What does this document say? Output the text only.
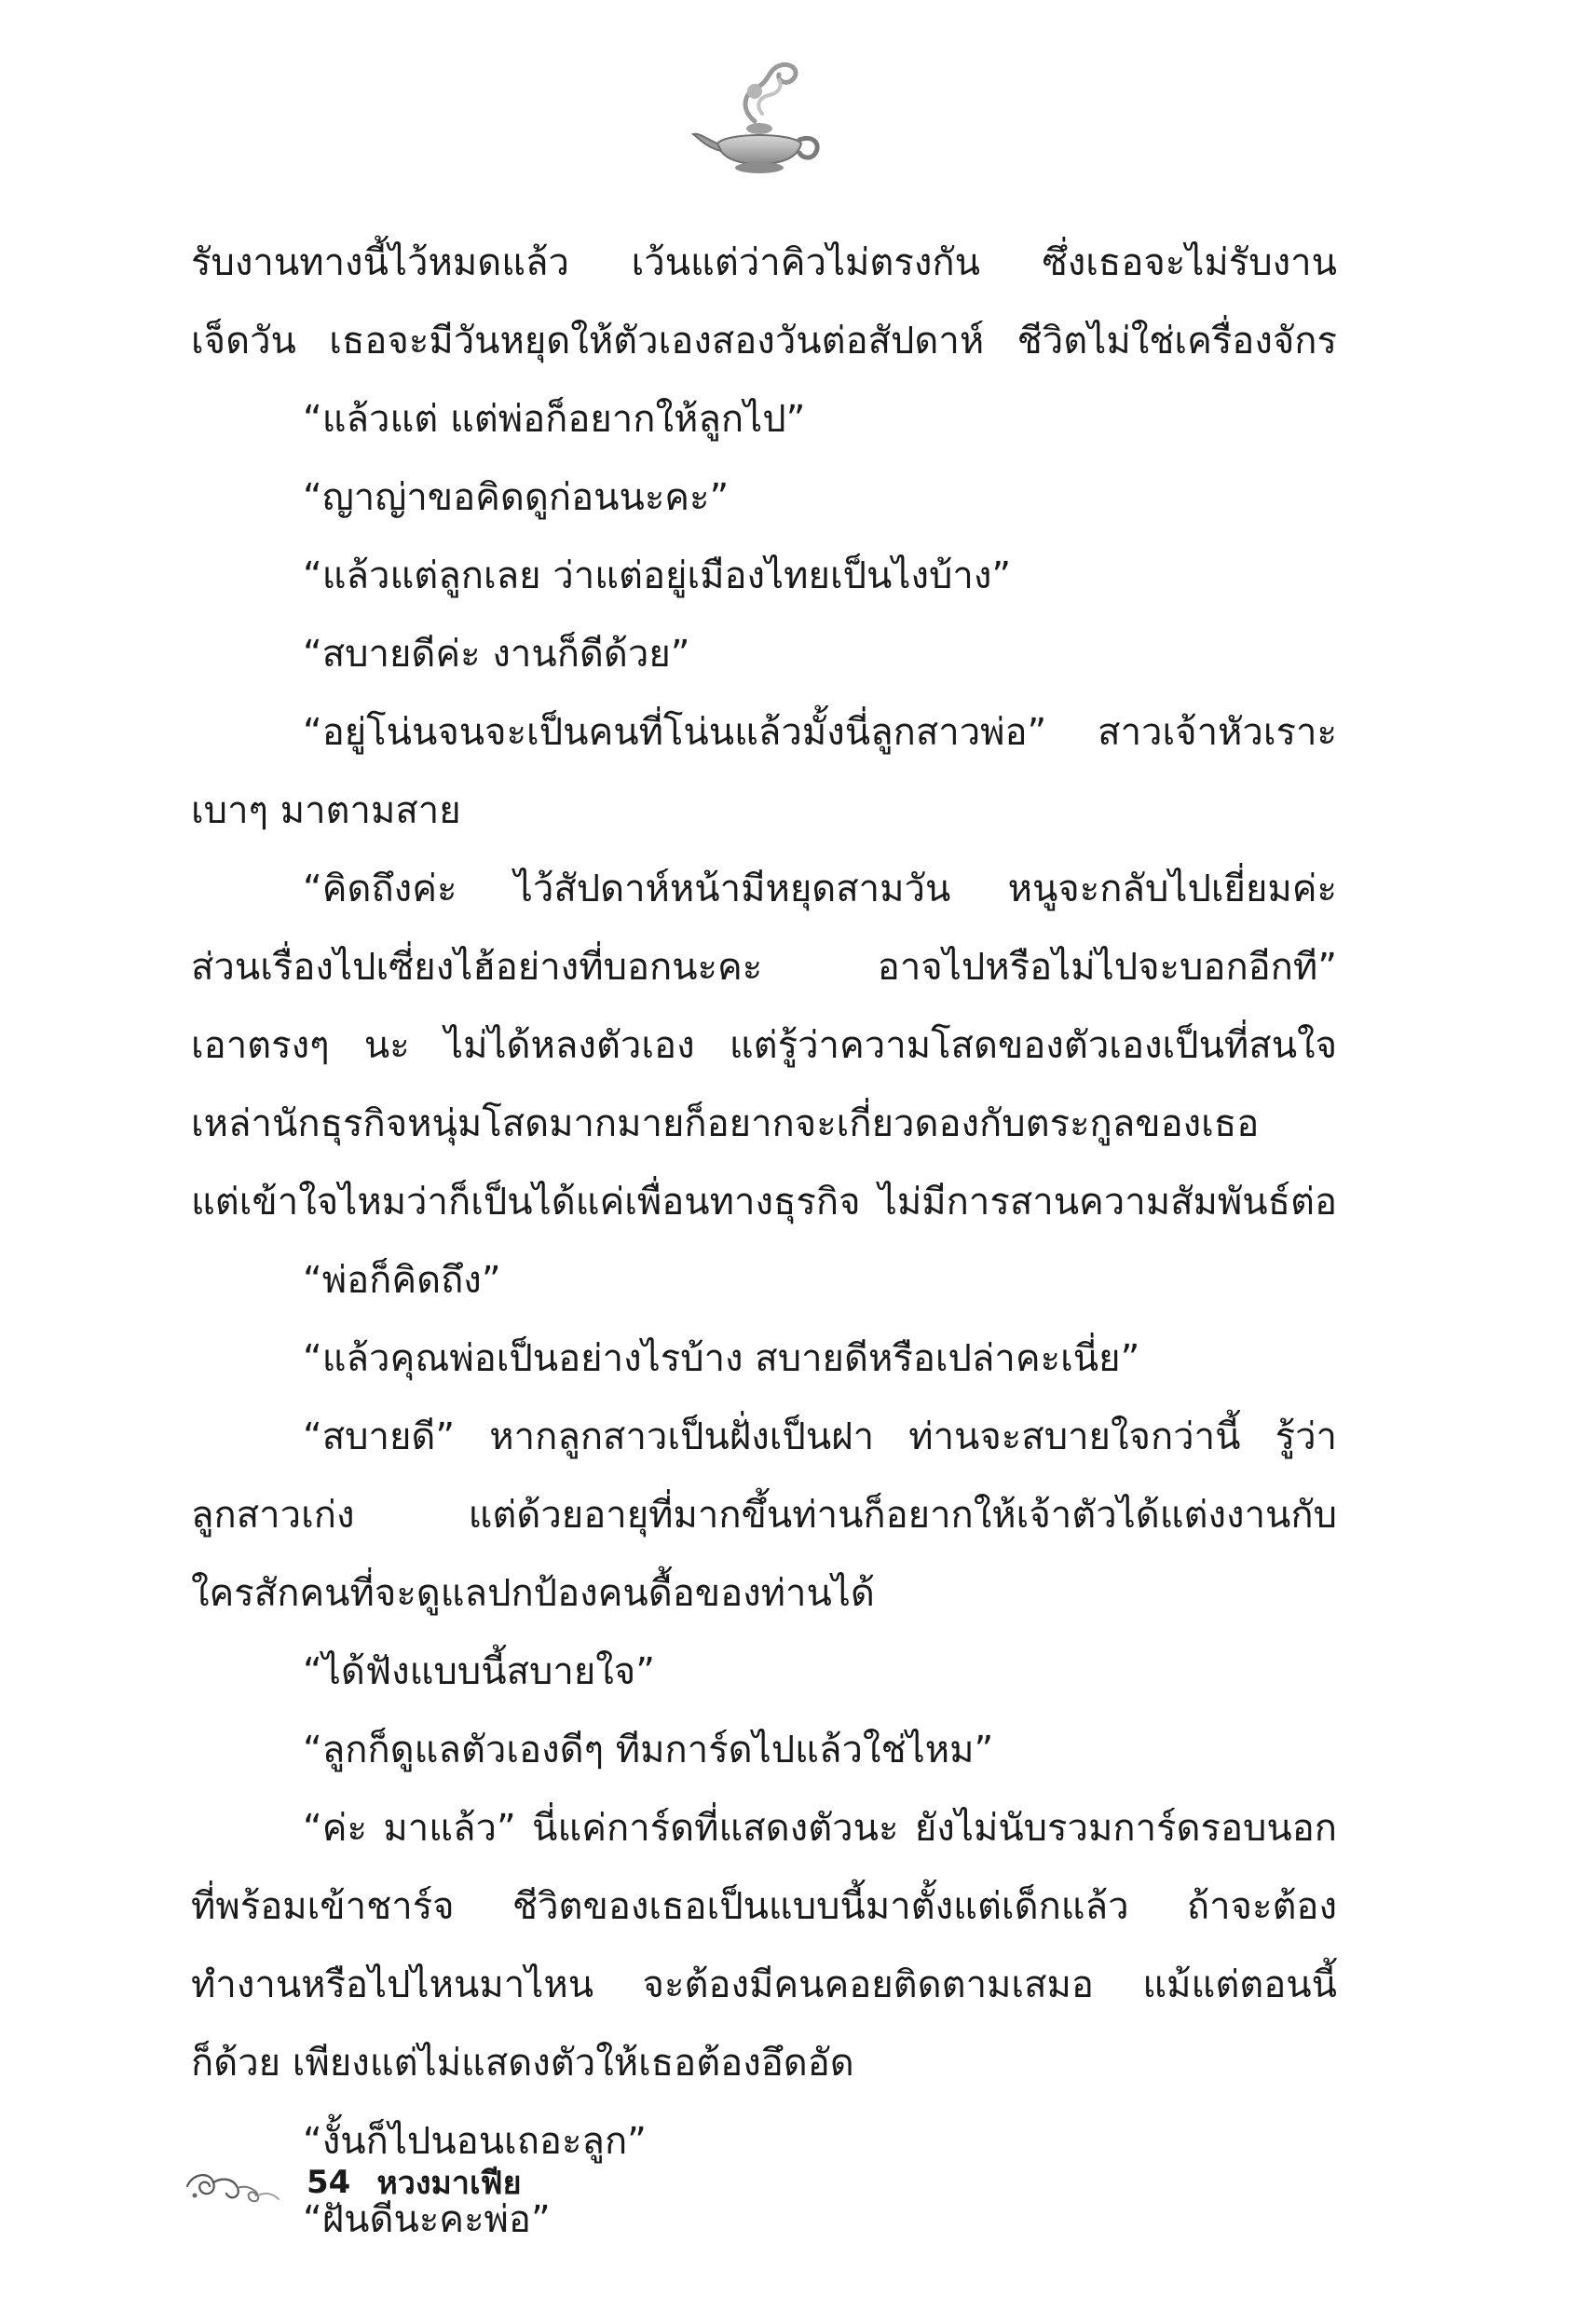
รับงานทางนี้ไว้หมดแล้ว เว้นแต่ว่าคิวไม่ตรงกัน ซึ่งเธอจะไม่รับงาน
เจ็ดวัน เธอจะมีวันหยุดให้ตัวเองสองวันต่อสัปดาห์ ชีวิตไม่ใช่เครื่องจักร
“แล้วแต่ แต่พ่อก็อยากให้ลูกไป”
“ญาญ่าขอคิดดูก่อนนะคะ”
“แล้วแต่ลูกเลย ว่าแต่อยู่เมืองไทยเป็นไงบ้าง”
“สบายดีค่ะ งานก็ดีด้วย”
“อยู่โน่นจนจะเป็นคนที่โน่นแล้วมั้งนี่ลูกสาวพ่อ” สาวเจ้าหัวเราะ
เบาๆ มาตามสาย
“คิดถึงค่ะ ไว้สัปดาห์หน้ามีหยุดสามวัน หนูจะกลับไปเยี่ยมค่ะ
ส่วนเรื่องไปเซี่ยงไฮ้อย่างที่บอกนะคะ อาจไปหรือไม่ไปจะบอกอีกที”
เอาตรงๆ นะ ไม่ได้หลงตัวเอง แต่รู้ว่าความโสดของตัวเองเป็นที่สนใจ
เหล่านักธุรกิจหนุ่มโสดมากมายก็อยากจะเกี่ยวดองกับตระกูลของเธอ
แต่เข้าใจไหมว่าก็เป็นได้แค่เพื่อนทางธุรกิจ ไม่มีการสานความสัมพันธ์ต่อ
“พ่อก็คิดถึง”
“แล้วคุณพ่อเป็นอย่างไรบ้าง สบายดีหรือเปล่าคะเนี่ย”
“สบายดี” หากลูกสาวเป็นฝั่งเป็นฝา ท่านจะสบายใจกว่านี้ รู้ว่า
ลูกสาวเก่ง แต่ด้วยอายุที่มากขึ้นท่านก็อยากให้เจ้าตัวได้แต่งงานกับ
ใครสักคนที่จะดูแลปกป้องคนดื้อของท่านได้
“ได้ฟังแบบนี้สบายใจ”
“ลูกก็ดูแลตัวเองดีๆ ทีมการ์ดไปแล้วใช่ไหม”
“ค่ะ มาแล้ว” นี่แค่การ์ดที่แสดงตัวนะ ยังไม่นับรวมการ์ดรอบนอก
ที่พร้อมเข้าชาร์จ ชีวิตของเธอเป็นแบบนี้มาตั้งแต่เด็กแล้ว ถ้าจะต้อง
ทำงานหรือไปไหนมาไหน จะต้องมีคนคอยติดตามเสมอ แม้แต่ตอนนี้
ก็ด้วย เพียงแต่ไม่แสดงตัวให้เธอต้องอึดอัด
“งั้นก็ไปนอนเถอะลูก”
“ฝันดีนะคะพ่อ”
54 หวงมาเฟีย
